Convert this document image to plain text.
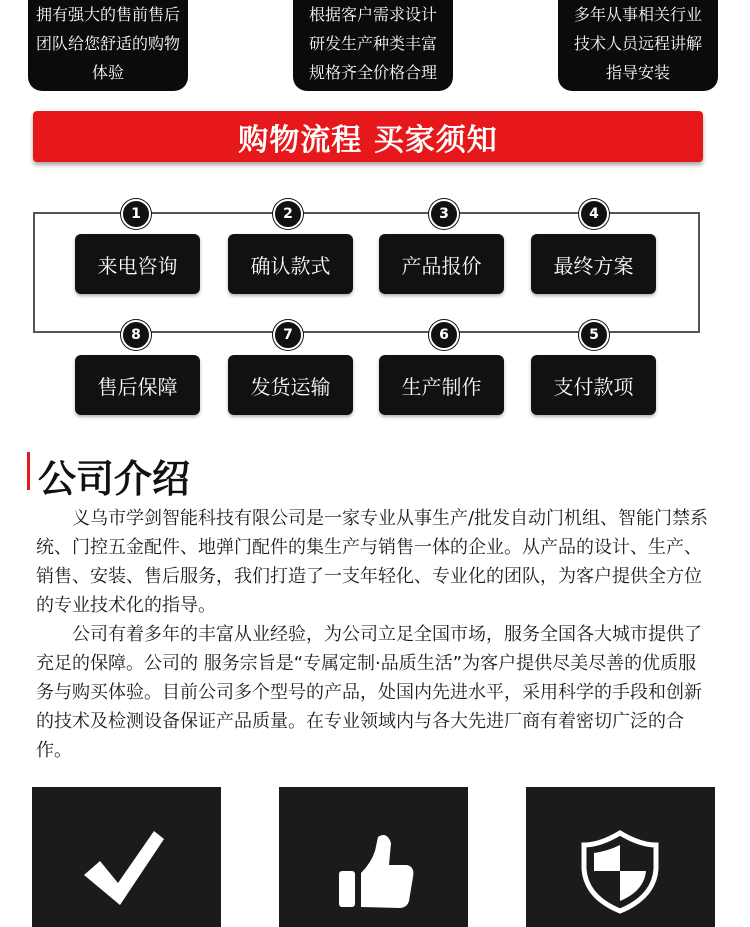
拥有强大的售前售后
团队给您舒适的购物
体验
根据客户需求设计
研发生产种类丰富
规格齐全价格合理
多年从事相关行业
技术人员远程讲解
指导安装
购物流程 买家须知
1	2	3	4
来电咨询	确认款式	产品报价	最终方案
8	7	6	5
售后保障	发货运输	生产制作	支付款项
公司介绍

义乌市学剑智能科技有限公司是一家专业从事生产/批发自动门机组、智能门禁系统、门控五金配件、地弹门配件的集生产与销售一体的企业。从产品的设计、生产、销售、安装、售后服务，我们打造了一支年轻化、专业化的团队，为客户提供全方位的专业技术化的指导。

公司有着多年的丰富从业经验，为公司立足全国市场，服务全国各大城市提供了充足的保障。公司的 服务宗旨是“专属定制·品质生活”为客户提供尽美尽善的优质服务与购买体验。目前公司多个型号的产品，处国内先进水平，采用科学的手段和创新的技术及检测设备保证产品质量。在专业领域内与各大先进厂商有着密切广泛的合作。
